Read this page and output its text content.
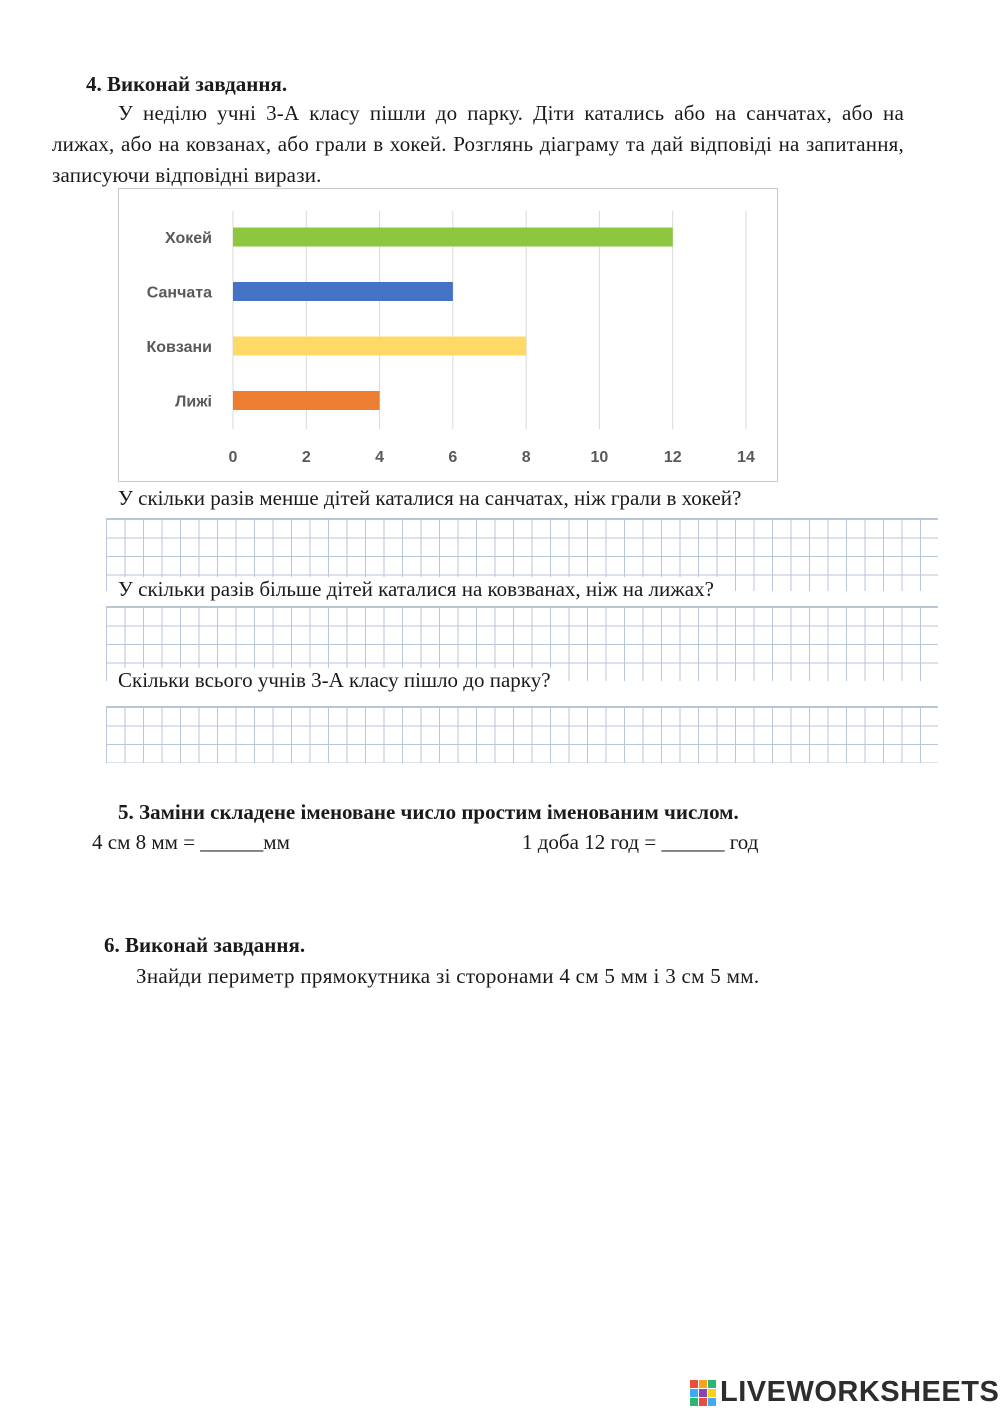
4. Виконай завдання.
У неділю учні 3-А класу пішли до парку. Діти катались або на санчатах, або на лижах, або на ковзанах, або грали в хокей. Розглянь діаграму та дай відповіді на запитання, записуючи відповідні вирази.
Хокей
Санчата
Ковзани
Лижі
0	2	4	6	8	10	12	14
У скільки разів менше дітей каталися на санчатах, ніж грали в хокей?
У скільки разів більше дітей каталися на ковзванах, ніж на лижах?
Скільки всього учнів 3-А класу пішло до парку?
5. Заміни складене іменоване число простим іменованим числом.
4 см 8 мм = ______мм	1 доба 12 год = ______ год
6. Виконай завдання.
Знайди периметр прямокутника зі сторонами 4 см 5 мм і 3 см 5 мм.
LIVEWORKSHEETS
